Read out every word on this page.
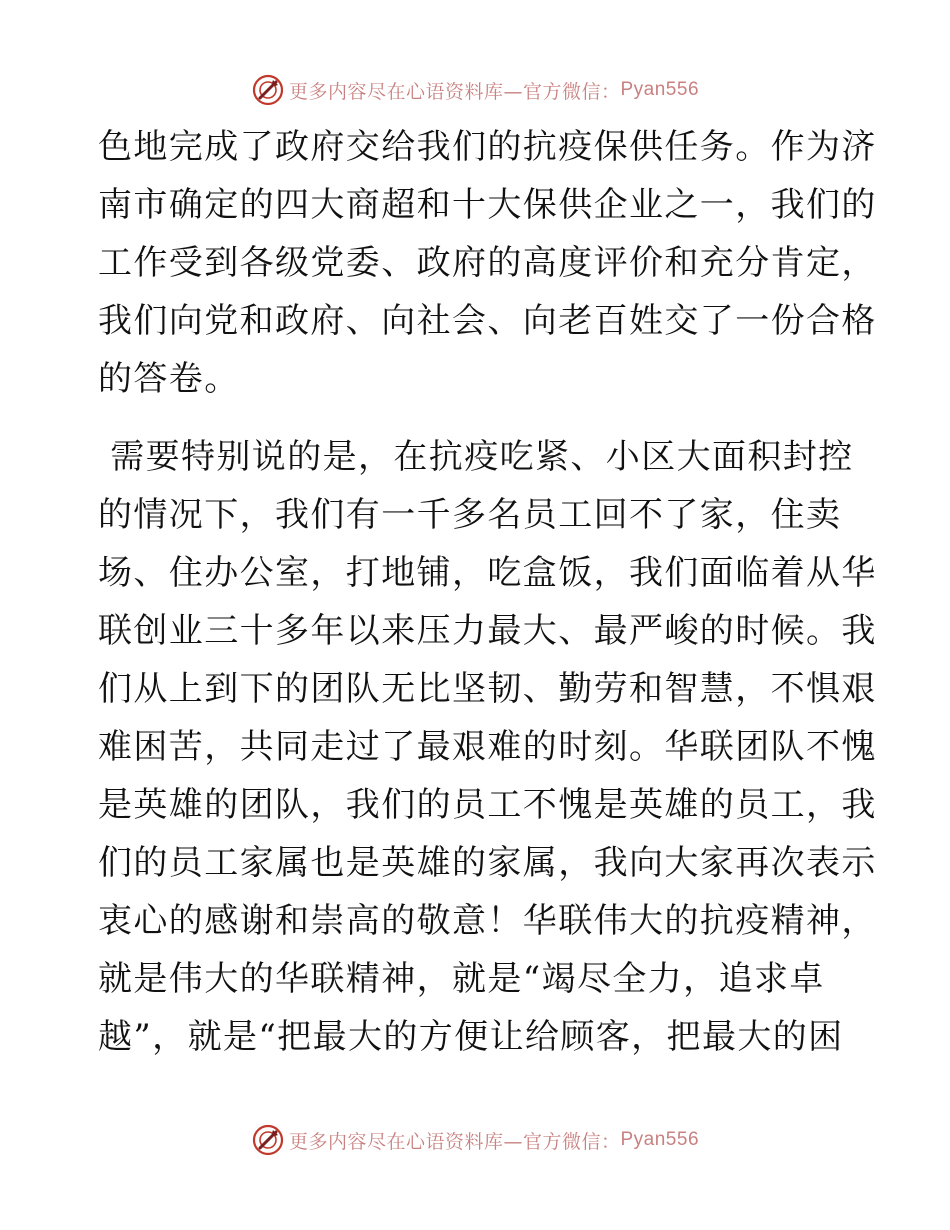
更多内容尽在心语资料库—官方微信： Pyan556
色地完成了政府交给我们的抗疫保供任务。作为济
南市确定的四大商超和十大保供企业之一，我们的
工作受到各级党委、政府的高度评价和充分肯定，
我们向党和政府、向社会、向老百姓交了一份合格
的答卷。
需要特别说的是，在抗疫吃紧、小区大面积封控
的情况下，我们有一千多名员工回不了家，住卖
场、住办公室，打地铺，吃盒饭，我们面临着从华
联创业三十多年以来压力最大、最严峻的时候。我
们从上到下的团队无比坚韧、勤劳和智慧，不惧艰
难困苦，共同走过了最艰难的时刻。华联团队不愧
是英雄的团队，我们的员工不愧是英雄的员工，我
们的员工家属也是英雄的家属，我向大家再次表示
衷心的感谢和崇高的敬意！华联伟大的抗疫精神，
就是伟大的华联精神，就是“竭尽全力，追求卓
越”，就是“把最大的方便让给顾客，把最大的困
更多内容尽在心语资料库—官方微信： Pyan556
